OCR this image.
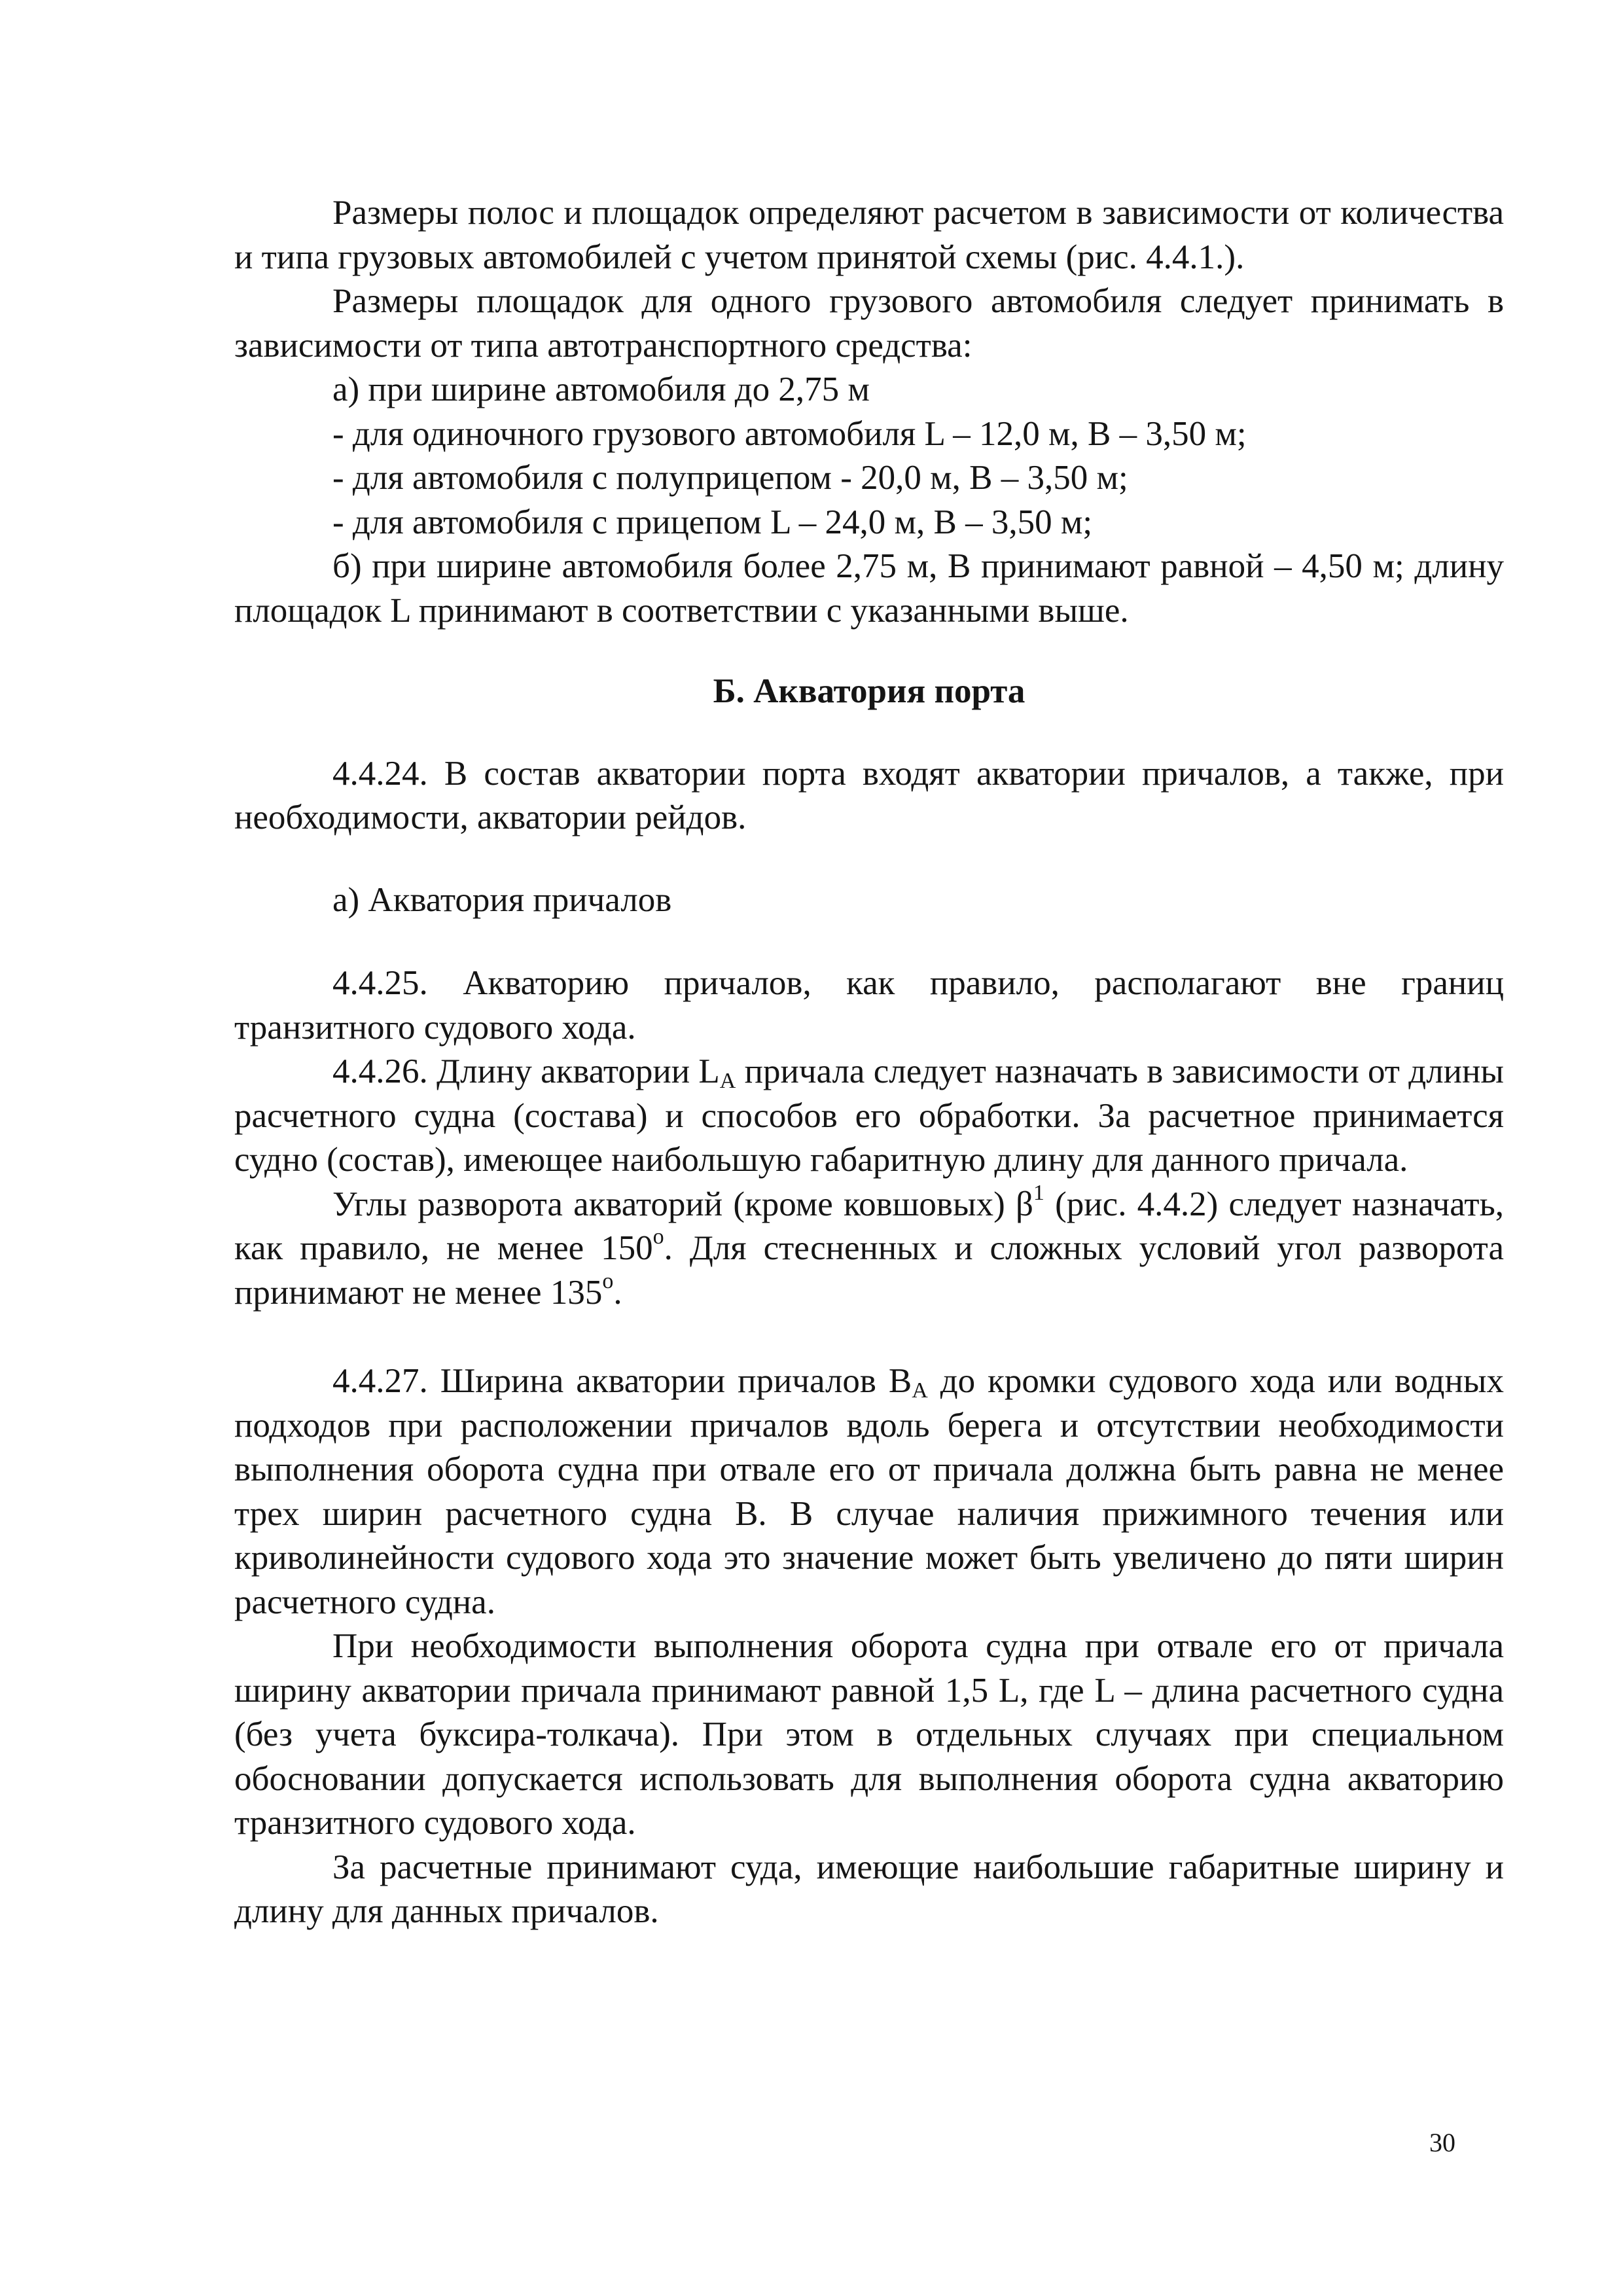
Размеры полос и площадок определяют расчетом в зависимости от количества и типа грузовых автомобилей с учетом принятой схемы (рис. 4.4.1.).

Размеры площадок для одного грузового автомобиля следует принимать в зависимости от типа автотранспортного средства:

а) при ширине автомобиля до 2,75 м

- для одиночного грузового автомобиля L – 12,0 м, B – 3,50 м;

- для автомобиля с полуприцепом - 20,0 м, B – 3,50 м;

- для автомобиля с прицепом L – 24,0 м, B – 3,50 м;

б) при ширине автомобиля более 2,75 м, B принимают равной – 4,50 м; длину площадок L принимают в соответствии с указанными выше.

Б. Акватория порта

4.4.24. В состав акватории порта входят акватории причалов, а также, при необходимости, акватории рейдов.

а) Акватория причалов

4.4.25. Акваторию причалов, как правило, располагают вне границ транзитного судового хода.

4.4.26. Длину акватории $L_A$ причала следует назначать в зависимости от длины расчетного судна (состава) и способов его обработки. За расчетное принимается судно (состав), имеющее наибольшую габаритную длину для данного причала.

Углы разворота акваторий (кроме ковшовых) $\beta^1$ (рис. 4.4.2) следует назначать, как правило, не менее 150$^o$. Для стесненных и сложных условий угол разворота принимают не менее 135$^o$.

4.4.27. Ширина акватории причалов $B_A$ до кромки судового хода или водных подходов при расположении причалов вдоль берега и отсутствии необходимости выполнения оборота судна при отвале его от причала должна быть равна не менее трех ширин расчетного судна B. В случае наличия прижимного течения или криволинейности судового хода это значение может быть увеличено до пяти ширин расчетного судна.

При необходимости выполнения оборота судна при отвале его от причала ширину акватории причала принимают равной 1,5 L, где L – длина расчетного судна (без учета буксира-толкача). При этом в отдельных случаях при специальном обосновании допускается использовать для выполнения оборота судна акваторию транзитного судового хода.

За расчетные принимают суда, имеющие наибольшие габаритные ширину и длину для данных причалов.

30
